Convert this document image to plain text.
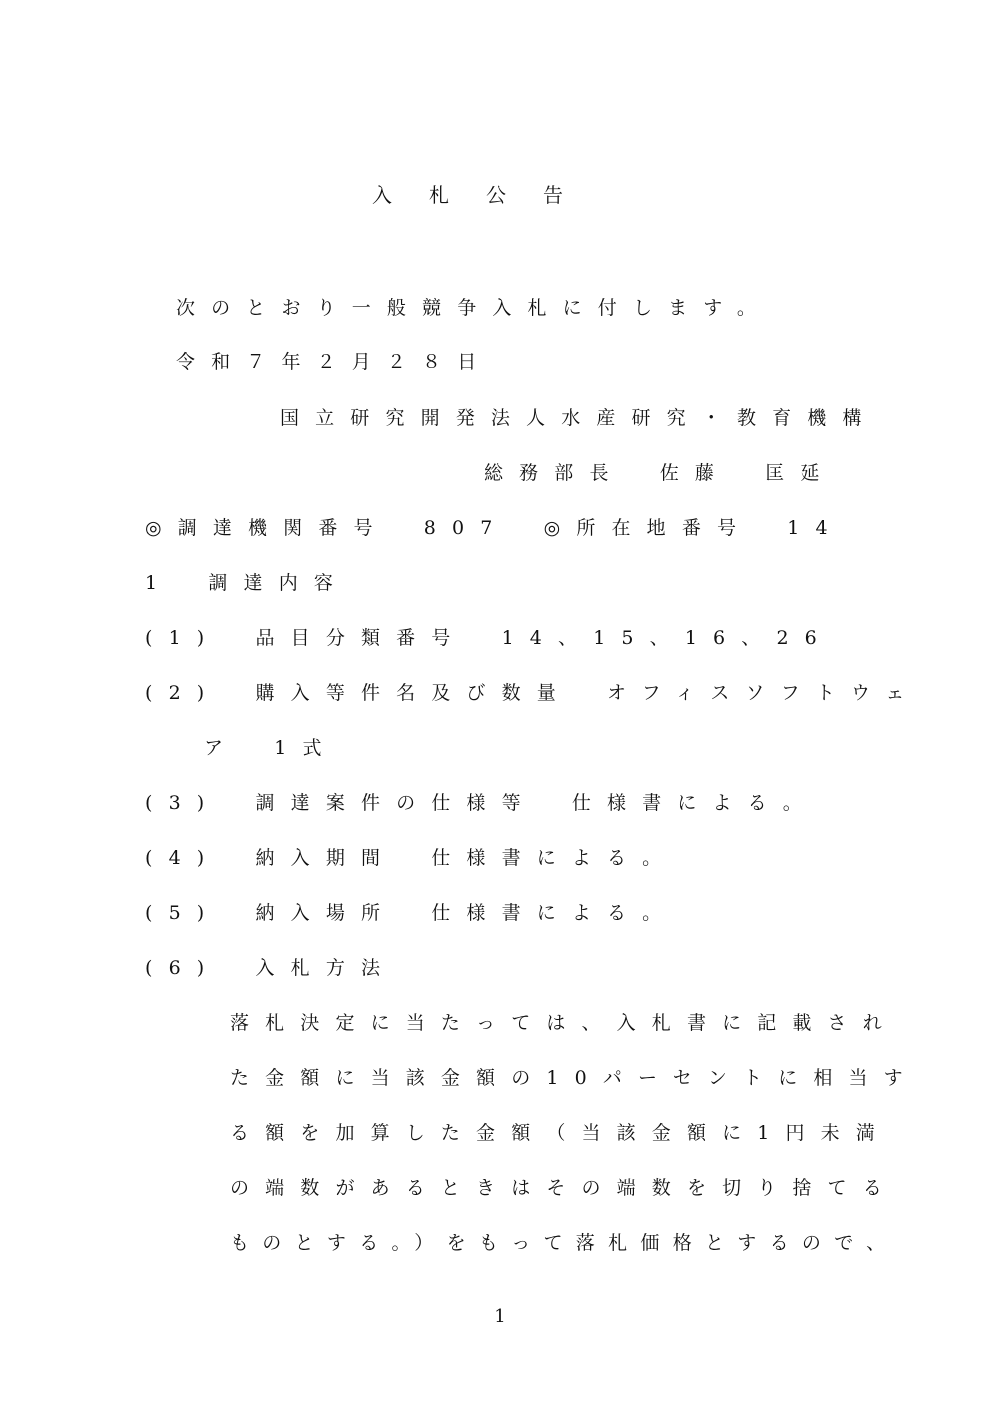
入札公告
次のとおり一般競争入札に付します。
令和７年２月２８日
国立研究開発法人水産研究・教育機構
総務部長　佐藤　匡延
◎調達機関番号　807　◎所在地番号　14
1　調達内容
(1)　品目分類番号　14、15、16、26
(2)　購入等件名及び数量　オフィスソフトウェ
ア　1式
(3)　調達案件の仕様等　仕様書による。
(4)　納入期間　仕様書による。
(5)　納入場所　仕様書による。
(6)　入札方法
落札決定に当たっては、入札書に記載され
た金額に当該金額の10パーセントに相当す
る額を加算した金額（当該金額に1円未満
の端数があるときはその端数を切り捨てる
ものとする。）をもって落札価格とするので、
1
